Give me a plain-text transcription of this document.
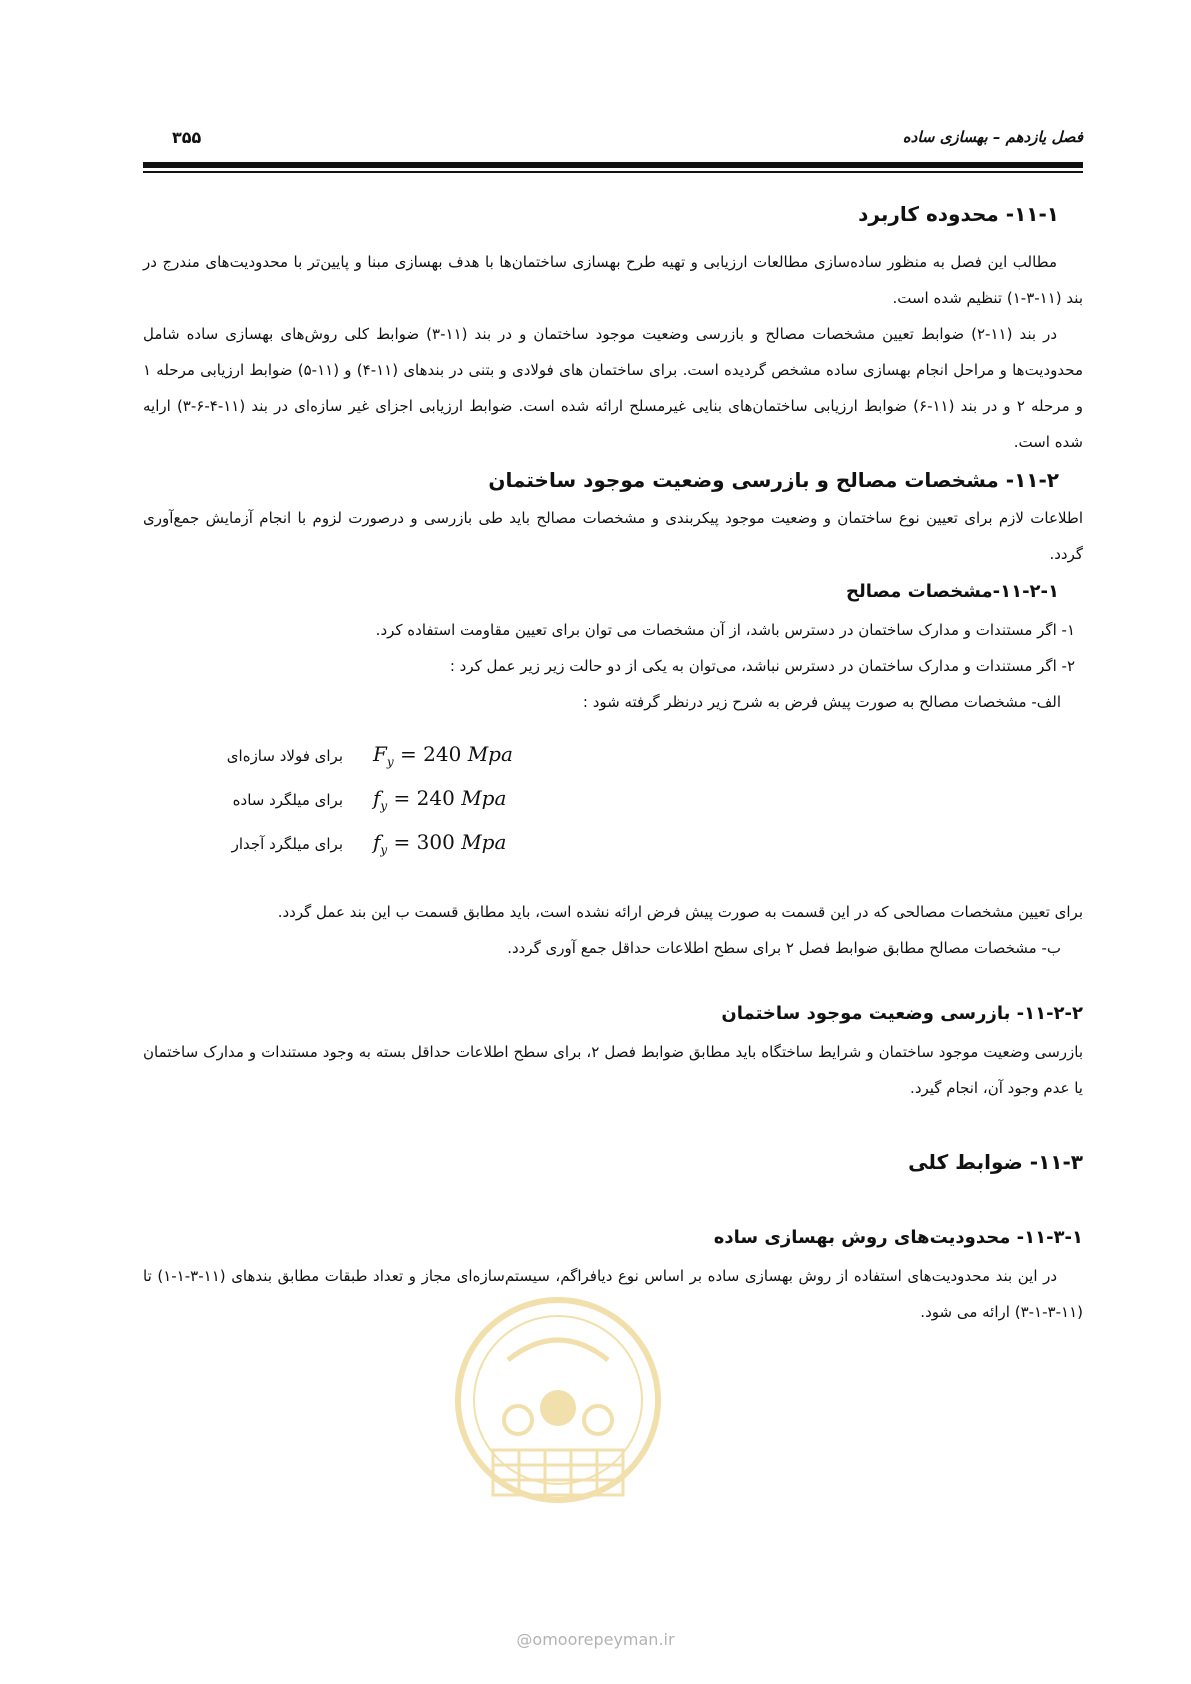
فصل یازدهم – بهسازی ساده
۳۵۵
۱۱-۱- محدوده کاربرد

مطالب این فصل به منظور ساده‌سازی مطالعات ارزیابی و تهیه طرح بهسازی ساختمان‌ها با هدف بهسازی مبنا و پایین‌تر با محدودیت‌های مندرج در بند (۱۱-۳-۱) تنظیم شده است.

در بند (۱۱-۲) ضوابط تعیین مشخصات مصالح و بازرسی وضعیت موجود ساختمان و در بند (۱۱-۳) ضوابط کلی روش‌های بهسازی ساده شامل محدودیت‌ها و مراحل انجام بهسازی ساده مشخص گردیده است. برای ساختمان های فولادی و بتنی در بندهای (۱۱-۴) و (۱۱-۵) ضوابط ارزیابی مرحله ۱ و مرحله ۲ و در بند (۱۱-۶) ضوابط ارزیابی ساختمان‌های بنایی غیرمسلح ارائه شده است. ضوابط ارزیابی اجزای غیر سازه‌ای در بند (۱۱-۴-۶-۳) ارایه شده است.

۱۱-۲- مشخصات مصالح و بازرسی وضعیت موجود ساختمان

اطلاعات لازم برای تعیین نوع ساختمان و وضعیت موجود پیکربندی و مشخصات مصالح باید طی بازرسی و درصورت لزوم با انجام آزمایش جمع‌آوری گردد.

۱۱-۲-۱-مشخصات مصالح

۱- اگر مستندات و مدارک ساختمان در دسترس باشد، از آن مشخصات می توان برای تعیین مقاومت استفاده کرد.

۲- اگر مستندات و مدارک ساختمان در دسترس نباشد، می‌توان به یکی از دو حالت زیر زیر عمل کرد :

الف- مشخصات مصالح به صورت پیش فرض به شرح زیر درنظر گرفته شود :

برای فولاد سازه‌ای $F_y = 240$ Mpa
برای میلگرد ساده $f_y = 240$ Mpa
برای میلگرد آجدار $f_y = 300$ Mpa

برای تعیین مشخصات مصالحی که در این قسمت به صورت پیش فرض ارائه نشده است، باید مطابق قسمت ب این بند عمل گردد.

ب- مشخصات مصالح مطابق ضوابط فصل ۲ برای سطح اطلاعات حداقل جمع آوری گردد.

۱۱-۲-۲- بازرسی وضعیت موجود ساختمان

بازرسی وضعیت موجود ساختمان و شرایط ساختگاه باید مطابق ضوابط فصل ۲، برای سطح اطلاعات حداقل بسته به وجود مستندات و مدارک ساختمان یا عدم وجود آن، انجام گیرد.

۱۱-۳- ضوابط کلی
۱۱-۳-۱- محدودیت‌های روش بهسازی ساده

در این بند محدودیت‌های استفاده از روش بهسازی ساده بر اساس نوع دیافراگم، سیستم‌سازه‌ای مجاز و تعداد طبقات مطابق بندهای (۱۱-۳-۱-۱) تا (۱۱-۳-۱-۳) ارائه می شود.

@omoorepeyman.ir
